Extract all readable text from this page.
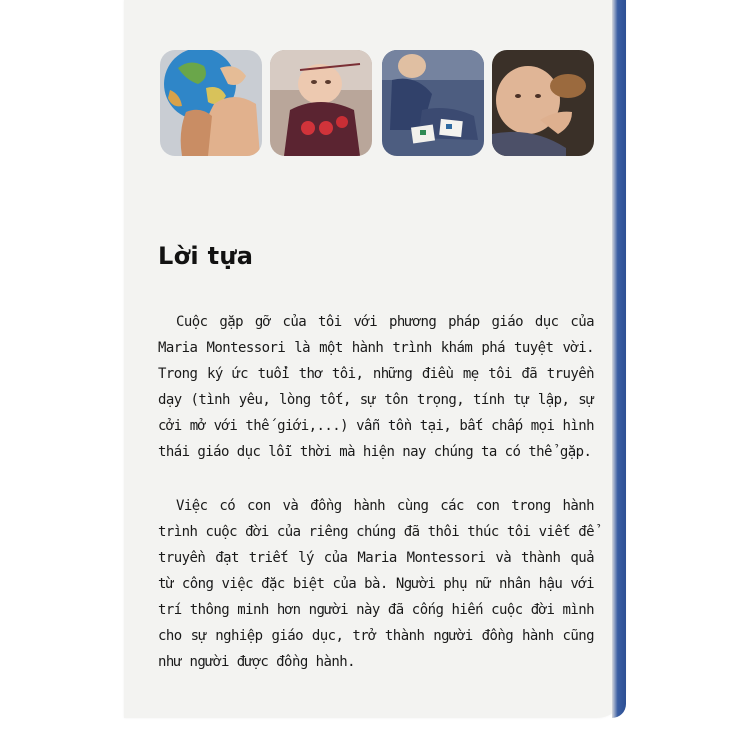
Lời tựa

Cuộc gặp gỡ của tôi với phương pháp giáo dục của Maria Montessori là một hành trình khám phá tuyệt vời. Trong ký ức tuổi thơ tôi, những điều mẹ tôi đã truyền dạy (tình yêu, lòng tốt, sự tôn trọng, tính tự lập, sự cởi mở với thế giới,...) vẫn tồn tại, bất chấp mọi hình thái giáo dục lỗi thời mà hiện nay chúng ta có thể gặp.

Việc có con và đồng hành cùng các con trong hành trình cuộc đời của riêng chúng đã thôi thúc tôi viết để truyền đạt triết lý của Maria Montessori và thành quả từ công việc đặc biệt của bà. Người phụ nữ nhân hậu với trí thông minh hơn người này đã cống hiến cuộc đời mình cho sự nghiệp giáo dục, trở thành người đồng hành cũng như người được đồng hành.
